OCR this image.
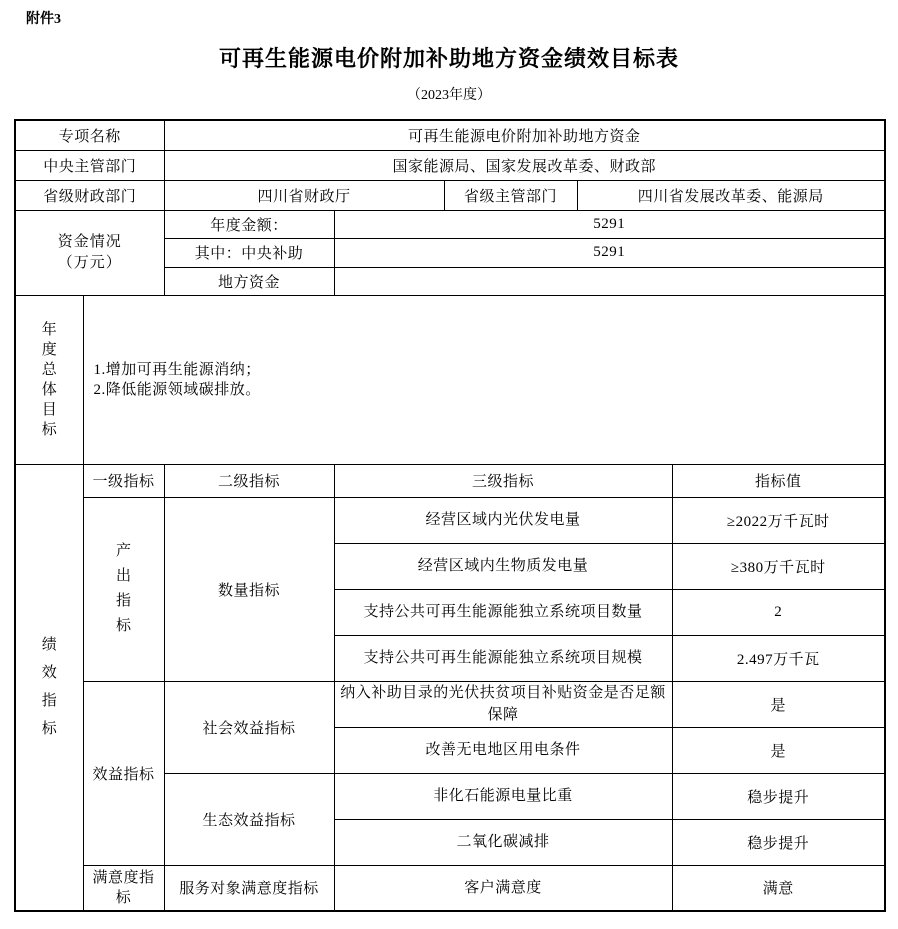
附件3
可再生能源电价附加补助地方资金绩效目标表
（2023年度）
专项名称		可再生能源电价附加补助地方资金				
中央主管部门		国家能源局、国家发展改革委、财政部				
省级财政部门		四川省财政厅		省级主管部门	四川省发展改革委、能源局	

资金情况
（万元）		年度金额：	5291			
		其中：中央补助	5291			
		地方资金				
年度总体目标	1.增加可再生能源消纳；
2.降低能源领域碳排放。					

绩效指标	一级指标	二级指标	三级指标			指标值
	产出指标	数量指标	经营区域内光伏发电量			≥2022万千瓦时
			经营区域内生物质发电量			≥380万千瓦时
			支持公共可再生能源能独立系统项目数量			2
			支持公共可再生能源能独立系统项目规模			2.497万千瓦
	效益指标	社会效益指标	纳入补助目录的光伏扶贫项目补贴资金是否足额保障			是
			改善无电地区用电条件			是
		生态效益指标	非化石能源电量比重			稳步提升
			二氧化碳减排			稳步提升
	满意度指标	服务对象满意度指标	客户满意度			满意
